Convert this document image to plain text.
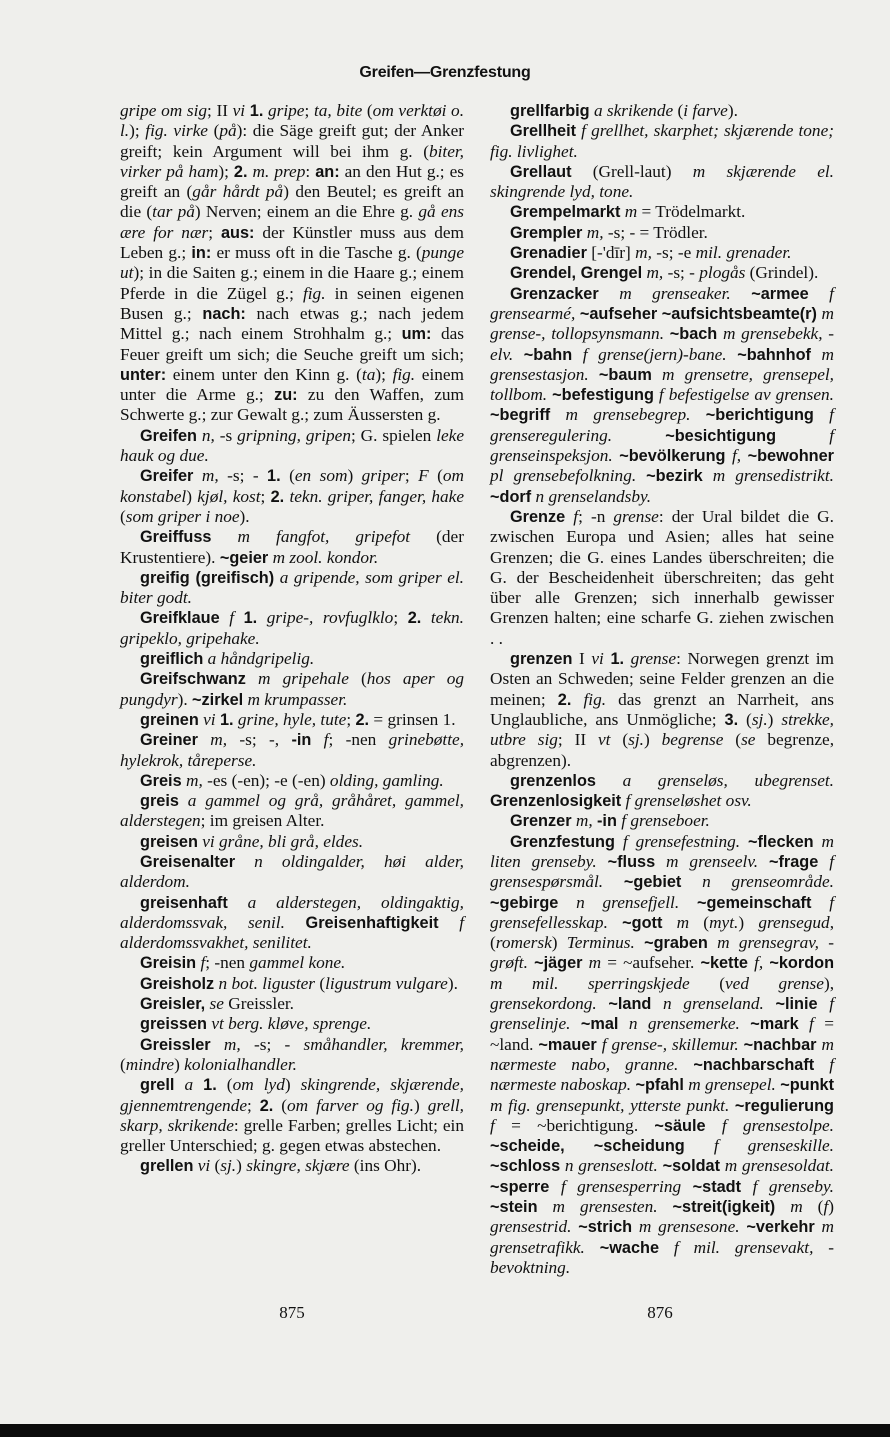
Greifen—Grenzfestung

gripe om sig; II vi 1. gripe; ta, bite (om verktøi o. l.); fig. virke (på): die Säge greift gut; der Anker greift; kein Argument will bei ihm g. (biter, virker på ham); 2. m. prep: an: an den Hut g.; es greift an (går hårdt på) den Beutel; es greift an die (tar på) Nerven; einem an die Ehre g. gå ens ære for nær; aus: der Künstler muss aus dem Leben g.; in: er muss oft in die Tasche g. (punge ut); in die Saiten g.; einem in die Haare g.; einem Pferde in die Zügel g.; fig. in seinen eigenen Busen g.; nach: nach etwas g.; nach jedem Mittel g.; nach einem Strohhalm g.; um: das Feuer greift um sich; die Seuche greift um sich; unter: einem unter den Kinn g. (ta); fig. einem unter die Arme g.; zu: zu den Waffen, zum Schwerte g.; zur Gewalt g.; zum Äussersten g.

Greifen n, -s gripning, gripen; G. spielen leke hauk og due.

Greifer m, -s; - 1. (en som) griper; F (om konstabel) kjøl, kost; 2. tekn. griper, fanger, hake (som griper i noe).

Greiffuss m fangfot, gripefot (der Krustentiere). ~geier m zool. kondor.

greifig (greifisch) a gripende, som griper el. biter godt.

Greifklaue f 1. gripe-, rovfuglklo; 2. tekn. gripeklo, gripehake.

greiflich a håndgripelig.

Greifschwanz m gripehale (hos aper og pungdyr). ~zirkel m krumpasser.

greinen vi 1. grine, hyle, tute; 2. = grinsen 1.

Greiner m, -s; -, -in f; -nen grinebøtte, hylekrok, tåreperse.

Greis m, -es (-en); -e (-en) olding, gamling.

greis a gammel og grå, gråhåret, gammel, alderstegen; im greisen Alter.

greisen vi gråne, bli grå, eldes.

Greisenalter n oldingalder, høi alder, alderdom.

greisenhaft a alderstegen, oldingaktig, alderdomssvak, senil. Greisenhaftigkeit f alderdomssvakhet, senilitet.

Greisin f; -nen gammel kone.

Greisholz n bot. liguster (ligustrum vulgare).

Greisler, se Greissler.

greissen vt berg. kløve, sprenge.

Greissler m, -s; - småhandler, kremmer, (mindre) kolonialhandler.

grell a 1. (om lyd) skingrende, skjærende, gjennemtrengende; 2. (om farver og fig.) grell, skarp, skrikende: grelle Farben; grelles Licht; ein greller Unterschied; g. gegen etwas abstechen.

grellen vi (sj.) skingre, skjære (ins Ohr).

grellfarbig a skrikende (i farve).

Grellheit f grellhet, skarphet; skjærende tone; fig. livlighet.

Grellaut (Grell-laut) m skjærende el. skingrende lyd, tone.

Grempelmarkt m = Trödelmarkt.

Grempler m, -s; - = Trödler.

Grenadier [-'dīr] m, -s; -e mil. grenader.

Grendel, Grengel m, -s; - plogås (Grindel).

Grenzacker m grenseaker. ~armee f grensearmé, ~aufseher ~aufsichtsbeamte(r) m grense-, tollopsynsmann. ~bach m grensebekk, -elv. ~bahn f grense(jern)-bane. ~bahnhof m grensestasjon. ~baum m grensetre, grensepel, tollbom. ~befestigung f befestigelse av grensen. ~begriff m grensebegrep. ~berichtigung f grenseregulering.	~besichtigung	f grenseinspeksjon. ~bevölkerung f, ~bewohner pl grensebefolkning. ~bezirk m grensedistrikt. ~dorf n grenselandsby.

Grenze f; -n grense: der Ural bildet die G. zwischen Europa und Asien; alles hat seine Grenzen; die G. eines Landes überschreiten; die G. der Bescheidenheit überschreiten; das geht über alle Grenzen; sich innerhalb gewisser Grenzen halten; eine scharfe G. ziehen zwischen . .

grenzen I vi 1. grense: Norwegen grenzt im Osten an Schweden; seine Felder grenzen an die meinen; 2. fig. das grenzt an Narrheit, ans Unglaubliche, ans Unmögliche; 3. (sj.) strekke, utbre sig; II vt (sj.) begrense (se begrenze, abgrenzen).

grenzenlos a grenseløs, ubegrenset. Grenzenlosigkeit f grenseløshet osv.

Grenzer m, -in f grenseboer.

Grenzfestung f grensefestning. ~flecken m liten grenseby. ~fluss m grenseelv. ~frage f grensespørsmål. ~gebiet n grenseområde. ~gebirge n grensefjell. ~gemeinschaft f grensefellesskap. ~gott m (myt.) grensegud, (romersk) Terminus. ~graben m grensegrav, -grøft. ~jäger m = ~aufseher. ~kette f, ~kordon m mil. sperringskjede (ved grense), grensekordong. ~land n grenseland. ~linie f grenselinje. ~mal n grensemerke. ~mark f = ~land. ~mauer f grense-, skillemur. ~nachbar m nærmeste nabo, granne. ~nachbarschaft f nærmeste naboskap. ~pfahl m grensepel. ~punkt m fig. grensepunkt, ytterste punkt. ~regulierung f = ~berichtigung. ~säule f grensestolpe. ~scheide, ~scheidung f grenseskille. ~schloss n grenseslott. ~soldat m grensesoldat. ~sperre f grensesperring ~stadt f grenseby. ~stein m grensesten. ~streit(igkeit) m (f) grensestrid. ~strich m grensesone. ~verkehr m grensetrafikk. ~wache f mil. grensevakt, -bevoktning.

875	876
